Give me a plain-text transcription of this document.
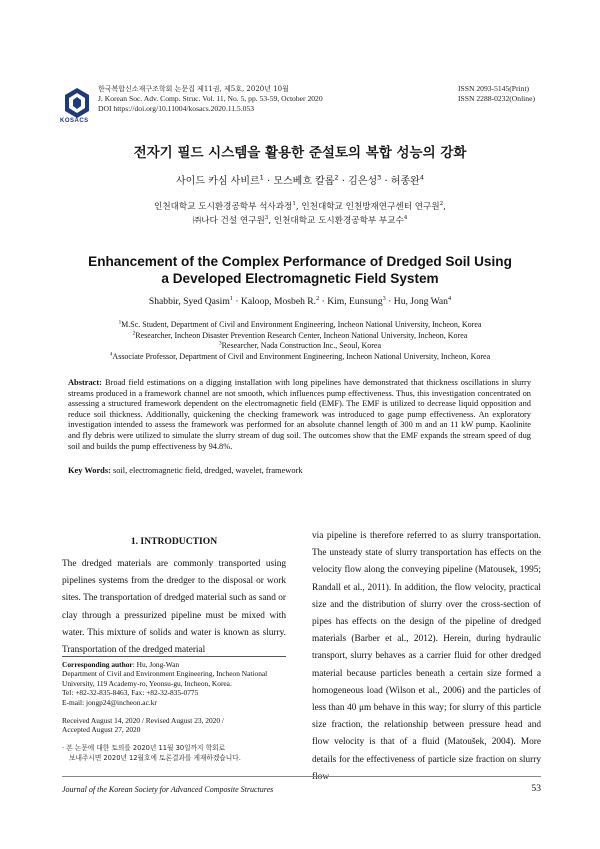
KOSACS
한국복합신소재구조학회 논문집 제11권, 제5호, 2020년 10월
J. Korean Soc. Adv. Comp. Struc. Vol. 11, No. 5, pp. 53-59, October 2020
DOI https://doi.org/10.11004/kosacs.2020.11.5.053
ISSN 2093-5145(Print)
ISSN 2288-0232(Online)
전자기 필드 시스템을 활용한 준설토의 복합 성능의 강화
사이드 카심 사비르$^1$ · 모스베흐 칼롭$^2$ · 김은성$^3$ · 허종완$^4$
인천대학교 도시환경공학부 석사과정$^1$, 인천대학교 인천방재연구센터 연구원$^2$,
㈜나다 건설 연구원$^3$, 인천대학교 도시환경공학부 부교수$^4$
Enhancement of the Complex Performance of Dredged Soil Using
a Developed Electromagnetic Field System
Shabbir, Syed Qasim$^1$ · Kaloop, Mosbeh R.$^2$ · Kim, Eunsung$^3$ · Hu, Jong Wan$^4$
$^1$M.Sc. Student, Department of Civil and Environment Engineering, Incheon National University, Incheon, Korea
$^2$Researcher, Incheon Disaster Prevention Research Center, Incheon National University, Incheon, Korea
$^3$Researcher, Nada Construction Inc., Seoul, Korea
$^4$Associate Professor, Department of Civil and Environment Engineering, Incheon National University, Incheon, Korea
Abstract: Broad field estimations on a digging installation with long pipelines have demonstrated that thickness oscillations in slurry streams produced in a framework channel are not smooth, which influences pump effectiveness. Thus, this investigation concentrated on assessing a structured framework dependent on the electromagnetic field (EMF). The EMF is utilized to decrease liquid opposition and reduce soil thickness. Additionally, quickening the checking framework was introduced to gage pump effectiveness. An exploratory investigation intended to assess the framework was performed for an absolute channel length of 300 m and an 11 kW pump. Kaolinite and fly debris were utilized to simulate the slurry stream of dug soil. The outcomes show that the EMF expands the stream speed of dug soil and builds the pump effectiveness by 94.8%.
Key Words: soil, electromagnetic field, dredged, wavelet, framework
1. INTRODUCTION
The dredged materials are commonly transported using pipelines systems from the dredger to the disposal or work sites. The transportation of dredged material such as sand or clay through a pressurized pipeline must be mixed with water. This mixture of solids and water is known as slurry. Transportation of the dredged material
via pipeline is therefore referred to as slurry transportation. The unsteady state of slurry transportation has effects on the velocity flow along the conveying pipeline (Matousek, 1995; Randall et al., 2011). In addition, the flow velocity, practical size and the distribution of slurry over the cross-section of pipes has effects on the design of the pipeline of dredged materials (Barber et al., 2012). Herein, during hydraulic transport, slurry behaves as a carrier fluid for other dredged material because particles beneath a certain size formed a homogeneous load (Wilson et al., 2006) and the particles of less than 40 μm behave in this way; for slurry of this particle size fraction, the relationship between pressure head and flow velocity is that of a fluid (Matoušek, 2004). More details for the effectiveness of particle size fraction on slurry flow
Corresponding author: Hu, Jong-Wan
Department of Civil and Environment Engineering, Incheon National University, 119 Academy-ro, Yeonsu-gu, Incheon, Korea.
Tel: +82-32-835-8463, Fax: +82-32-835-0775
E-mail: jongp24@incheon.ac.kr
Received August 14, 2020 / Revised August 23, 2020 /
Accepted August 27, 2020
· 본 논문에 대한 토의를 2020년 11월 30일까지 학회로
보내주시면 2020년 12월호에 토론결과를 게재하겠습니다.
Journal of the Korean Society for Advanced Composite Structures	53
